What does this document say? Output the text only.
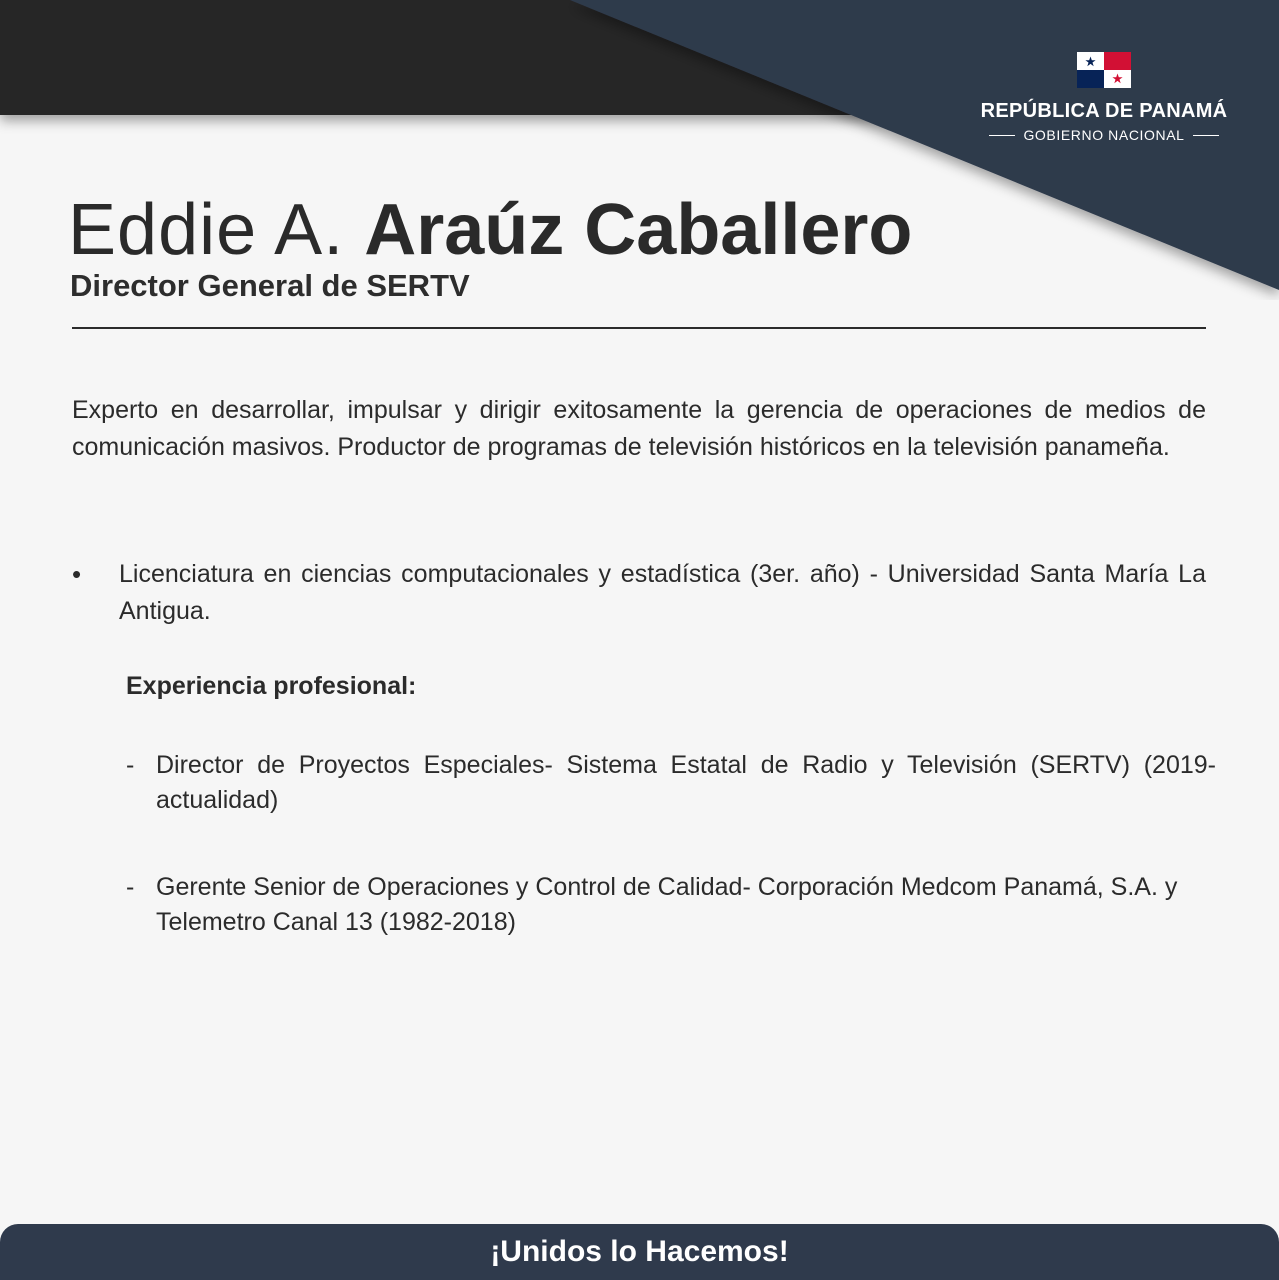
REPÚBLICA DE PANAMÁ
GOBIERNO NACIONAL
Eddie A. Araúz Caballero
Director General de SERTV
Experto en desarrollar, impulsar y dirigir exitosamente la gerencia de operaciones de medios de comunicación masivos. Productor de programas de televisión históricos en la televisión panameña.
•	Licenciatura en ciencias computacionales y estadística (3er. año) - Universidad Santa María La Antigua.
Experiencia profesional:
- Director de Proyectos Especiales- Sistema Estatal de Radio y Televisión (SERTV) (2019-actualidad)
- Gerente Senior de Operaciones y Control de Calidad- Corporación Medcom Panamá, S.A. y Telemetro Canal 13 (1982-2018)
¡Unidos lo Hacemos!
